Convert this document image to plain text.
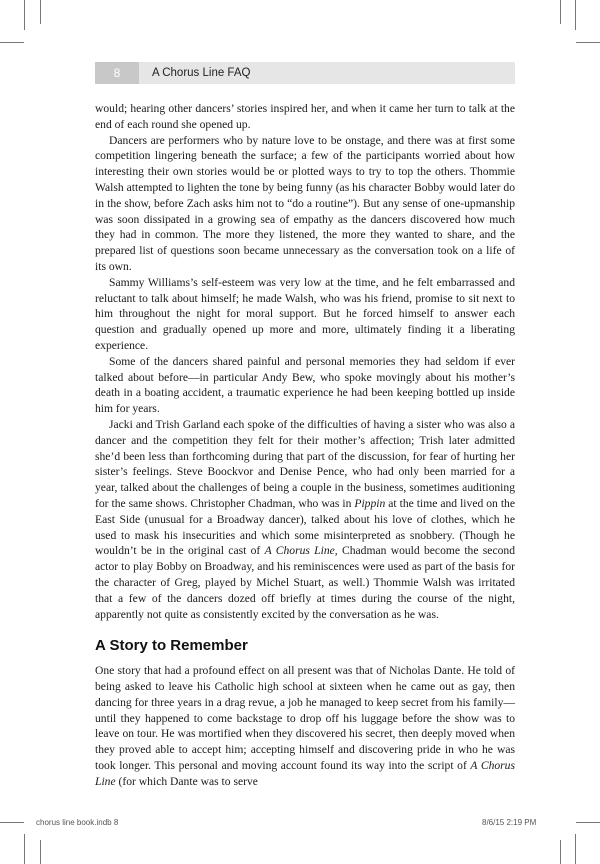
8	A Chorus Line FAQ

would; hearing other dancers’ stories inspired her, and when it came her turn to talk at the end of each round she opened up.

Dancers are performers who by nature love to be onstage, and there was at first some competition lingering beneath the surface; a few of the participants worried about how interesting their own stories would be or plotted ways to try to top the others. Thommie Walsh attempted to lighten the tone by being funny (as his character Bobby would later do in the show, before Zach asks him not to “do a routine”). But any sense of one-upmanship was soon dissipated in a growing sea of empathy as the dancers discovered how much they had in common. The more they listened, the more they wanted to share, and the prepared list of questions soon became unnecessary as the conversation took on a life of its own.

Sammy Williams’s self-esteem was very low at the time, and he felt embarrassed and reluctant to talk about himself; he made Walsh, who was his friend, promise to sit next to him throughout the night for moral support. But he forced himself to answer each question and gradually opened up more and more, ultimately finding it a liberating experience.

Some of the dancers shared painful and personal memories they had seldom if ever talked about before—in particular Andy Bew, who spoke movingly about his mother’s death in a boating accident, a traumatic experience he had been keeping bottled up inside him for years.

Jacki and Trish Garland each spoke of the difficulties of having a sister who was also a dancer and the competition they felt for their mother’s affection; Trish later admitted she’d been less than forthcoming during that part of the discussion, for fear of hurting her sister’s feelings. Steve Boockvor and Denise Pence, who had only been married for a year, talked about the challenges of being a couple in the business, sometimes auditioning for the same shows. Christopher Chadman, who was in Pippin at the time and lived on the East Side (unusual for a Broadway dancer), talked about his love of clothes, which he used to mask his insecurities and which some misinterpreted as snobbery. (Though he wouldn’t be in the original cast of A Chorus Line, Chadman would become the second actor to play Bobby on Broadway, and his reminiscences were used as part of the basis for the character of Greg, played by Michel Stuart, as well.) Thommie Walsh was irritated that a few of the dancers dozed off briefly at times during the course of the night, apparently not quite as consistently excited by the conversation as he was.

A Story to Remember

One story that had a profound effect on all present was that of Nicholas Dante. He told of being asked to leave his Catholic high school at sixteen when he came out as gay, then dancing for three years in a drag revue, a job he managed to keep secret from his family—until they happened to come backstage to drop off his luggage before the show was to leave on tour. He was mortified when they discovered his secret, then deeply moved when they proved able to accept him; accepting himself and discovering pride in who he was took longer. This personal and moving account found its way into the script of A Chorus Line (for which Dante was to serve

chorus line book.indb 8	8/6/15 2:19 PM
